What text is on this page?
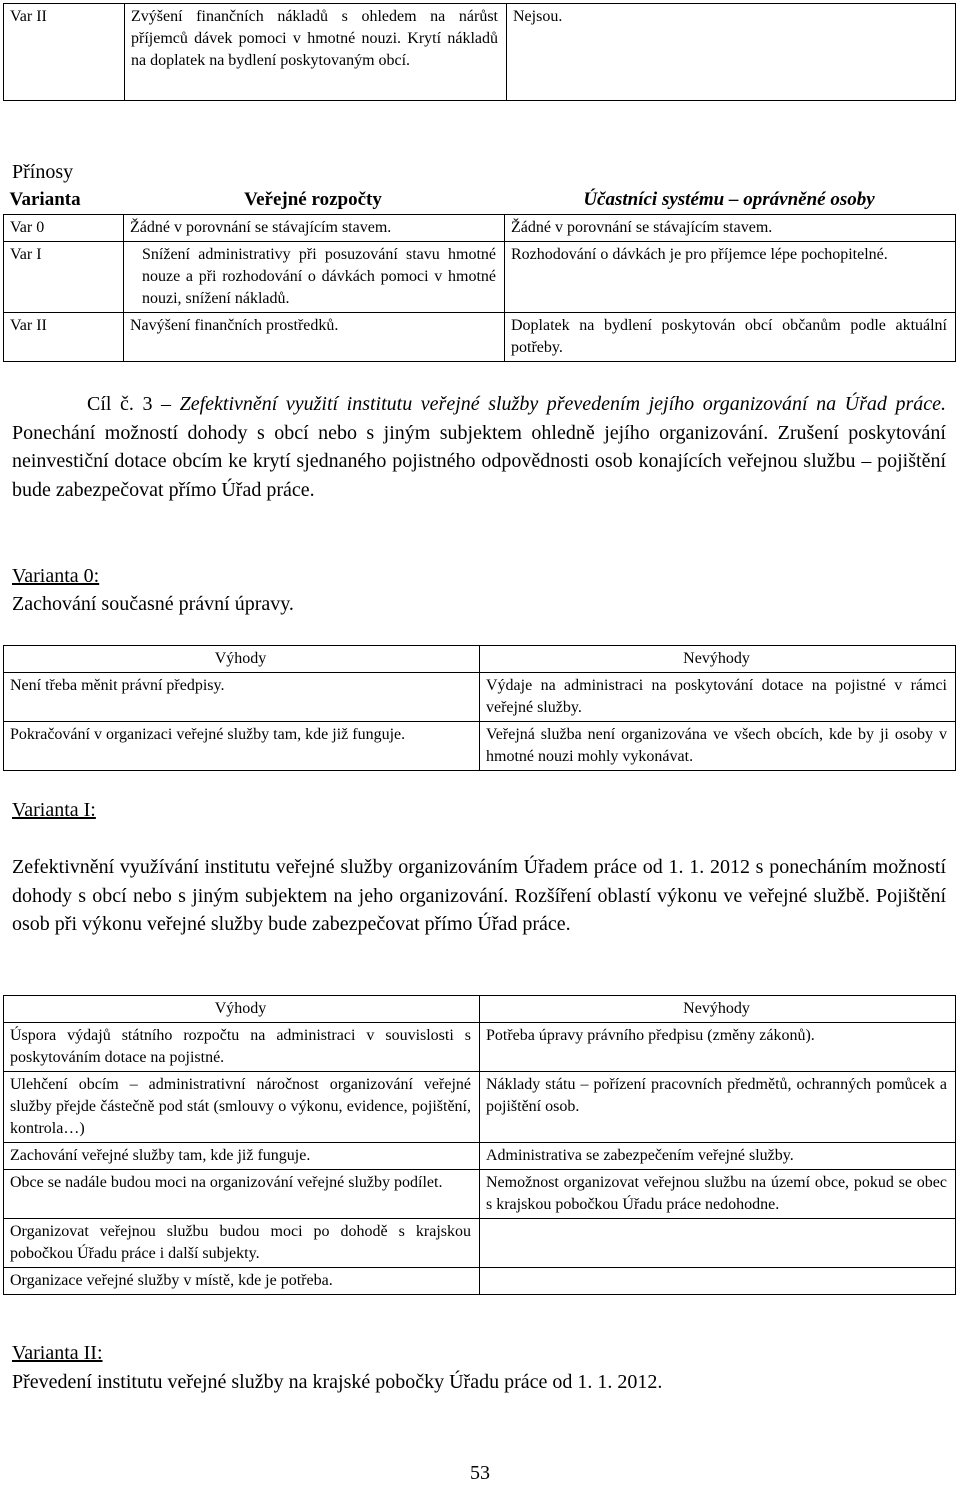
Var II	Zvýšení finančních nákladů s ohledem na nárůst příjemců dávek pomoci v hmotné nouzi. Krytí nákladů na doplatek na bydlení poskytovaným obcí.	Nejsou.
Přínosy
Varianta	Veřejné rozpočty	Účastníci systému – oprávněné osoby
Var 0	Žádné v porovnání se stávajícím stavem.	Žádné v porovnání se stávajícím stavem.
Var I	Snížení administrativy při posuzování stavu hmotné nouze a při rozhodování o dávkách pomoci v hmotné nouzi, snížení nákladů.	Rozhodování o dávkách je pro příjemce lépe pochopitelné.
Var II	Navýšení finančních prostředků.	Doplatek na bydlení poskytován obcí občanům podle aktuální potřeby.
Cíl č. 3 – Zefektivnění využití institutu veřejné služby převedením jejího organizování na Úřad práce. Ponechání možností dohody s obcí nebo s jiným subjektem ohledně jejího organizování. Zrušení poskytování neinvestiční dotace obcím ke krytí sjednaného pojistného odpovědnosti osob konajících veřejnou službu – pojištění bude zabezpečovat přímo Úřad práce.
Varianta 0:
Zachování současné právní úpravy.
Výhody	Nevýhody
Není třeba měnit právní předpisy.	Výdaje na administraci na poskytování dotace na pojistné v rámci veřejné služby.
Pokračování v organizaci veřejné služby tam, kde již funguje.	Veřejná služba není organizována ve všech obcích, kde by ji osoby v hmotné nouzi mohly vykonávat.
Varianta I:
Zefektivnění využívání institutu veřejné služby organizováním Úřadem práce od 1. 1. 2012 s ponecháním možností dohody s obcí nebo s jiným subjektem na jeho organizování. Rozšíření oblastí výkonu ve veřejné službě. Pojištění osob při výkonu veřejné služby bude zabezpečovat přímo Úřad práce.
Výhody	Nevýhody
Úspora výdajů státního rozpočtu na administraci v souvislosti s poskytováním dotace na pojistné.	Potřeba úpravy právního předpisu (změny zákonů).
Ulehčení obcím – administrativní náročnost organizování veřejné služby přejde částečně pod stát (smlouvy o výkonu, evidence, pojištění, kontrola…)	Náklady státu – pořízení pracovních předmětů, ochranných pomůcek a pojištění osob.
Zachování veřejné služby tam, kde již funguje.	Administrativa se zabezpečením veřejné služby.
Obce se nadále budou moci na organizování veřejné služby podílet.	Nemožnost organizovat veřejnou službu na území obce, pokud se obec s krajskou pobočkou Úřadu práce nedohodne.
Organizovat veřejnou službu budou moci po dohodě s krajskou pobočkou Úřadu práce i další subjekty.	
Organizace veřejné služby v místě, kde je potřeba.	
Varianta II:
Převedení institutu veřejné služby na krajské pobočky Úřadu práce od 1. 1. 2012.
53
